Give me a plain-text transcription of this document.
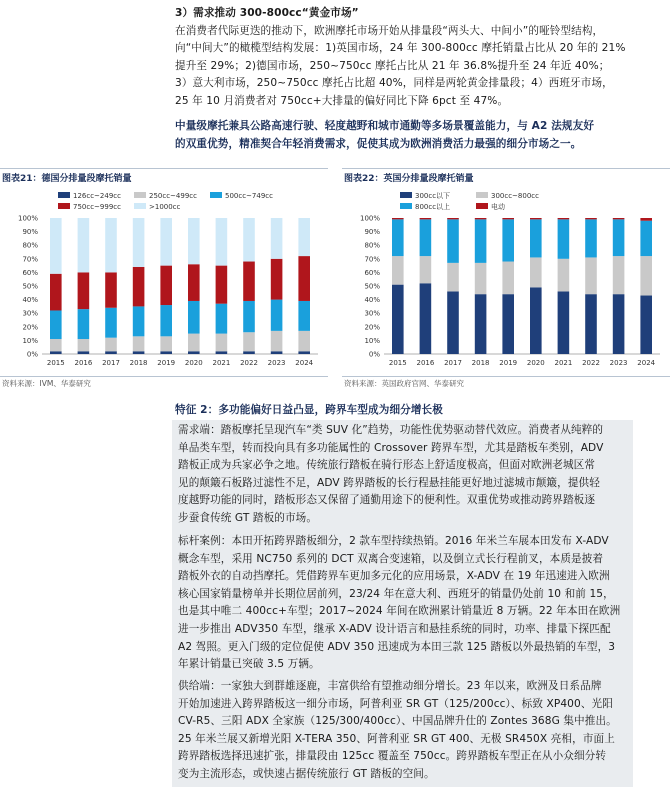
3）需求推动 300-800cc“黄金市场”
在消费者代际更迭的推动下，欧洲摩托市场开始从排量段“两头大、中间小”的哑铃型结构，
向“中间大”的橄榄型结构发展：1)英国市场，24 年 300-800cc 摩托销量占比从 20 年的 21%
提升至 29%；2)德国市场，250~750cc 摩托占比从 21 年 36.8%提升至 24 年近 40%；
3）意大利市场，250~750cc 摩托占比超 40%，同样是两轮黄金排量段；4）西班牙市场，
25 年 10 月消费者对 750cc+大排量的偏好同比下降 6pct 至 47%。
中量级摩托兼具公路高速行驶、轻度越野和城市通勤等多场景覆盖能力，与 A2 法规友好
的双重优势，精准契合年轻消费需求，促使其成为欧洲消费活力最强的细分市场之一。
图表21：德国分排量段摩托销量
126cc~249cc	250cc~499cc	500cc~749cc
750cc~999cc	>1000cc
0%
10%
20%
30%
40%
50%
60%
70%
80%
90%
100%
2015 2016 2017 2018 2019 2020 2021 2022 2023 2024
资料来源：IVM、华泰研究
图表22：英国分排量段摩托销量
300cc以下	300cc~800cc
800cc以上	电动
0%
10%
20%
30%
40%
50%
60%
70%
80%
90%
100%
2015 2016 2017 2018 2019 2020 2021 2022 2023 2024
资料来源：英国政府官网、华泰研究
特征 2：多功能偏好日益凸显，跨界车型成为细分增长极
需求端：踏板摩托呈现汽车“类 SUV 化”趋势，功能性优势驱动替代效应。消费者从纯粹的
单品类车型，转而投向具有多功能属性的 Crossover 跨界车型，尤其是踏板车类别，ADV
踏板正成为兵家必争之地。传统旅行踏板在骑行形态上舒适度极高，但面对欧洲老城区常
见的颠簸石板路过滤性不足，ADV 跨界踏板的长行程悬挂能更好地过滤城市颠簸，提供轻
度越野功能的同时，踏板形态又保留了通勤用途下的便利性。双重优势或推动跨界踏板逐
步蚕食传统 GT 踏板的市场。
标杆案例：本田开拓跨界踏板细分，2 款车型持续热销。2016 年米兰车展本田发布 X-ADV
概念车型，采用 NC750 系列的 DCT 双离合变速箱，以及倒立式长行程前叉，本质是披着
踏板外衣的自动挡摩托。凭借跨界车更加多元化的应用场景，X-ADV 在 19 年迅速进入欧洲
核心国家销量榜单并长期位居前列，23/24 年在意大利、西班牙的销量仍处前 10 和前 15，
也是其中唯二 400cc+车型；2017~2024 年间在欧洲累计销量近 8 万辆。22 年本田在欧洲
进一步推出 ADV350 车型，继承 X-ADV 设计语言和悬挂系统的同时，功率、排量下探匹配
A2 驾照。更入门级的定位促使 ADV 350 迅速成为本田三款 125 踏板以外最热销的车型，3
年累计销量已突破 3.5 万辆。
供给端：一家独大到群雄逐鹿，丰富供给有望推动细分增长。23 年以来，欧洲及日系品牌
开始加速进入跨界踏板这一细分市场，阿普利亚 SR GT（125/200cc）、标致 XP400、光阳
CV-R5、三阳 ADX 全家族（125/300/400cc）、中国品牌升仕的 Zontes 368G 集中推出。
25 年米兰展又新增光阳 X-TERA 350、阿普利亚 SR GT 400、无极 SR450X 亮相，市面上
跨界踏板选择迅速扩张，排量段由 125cc 覆盖至 750cc。跨界踏板车型正在从小众细分转
变为主流形态，或快速占据传统旅行 GT 踏板的空间。
